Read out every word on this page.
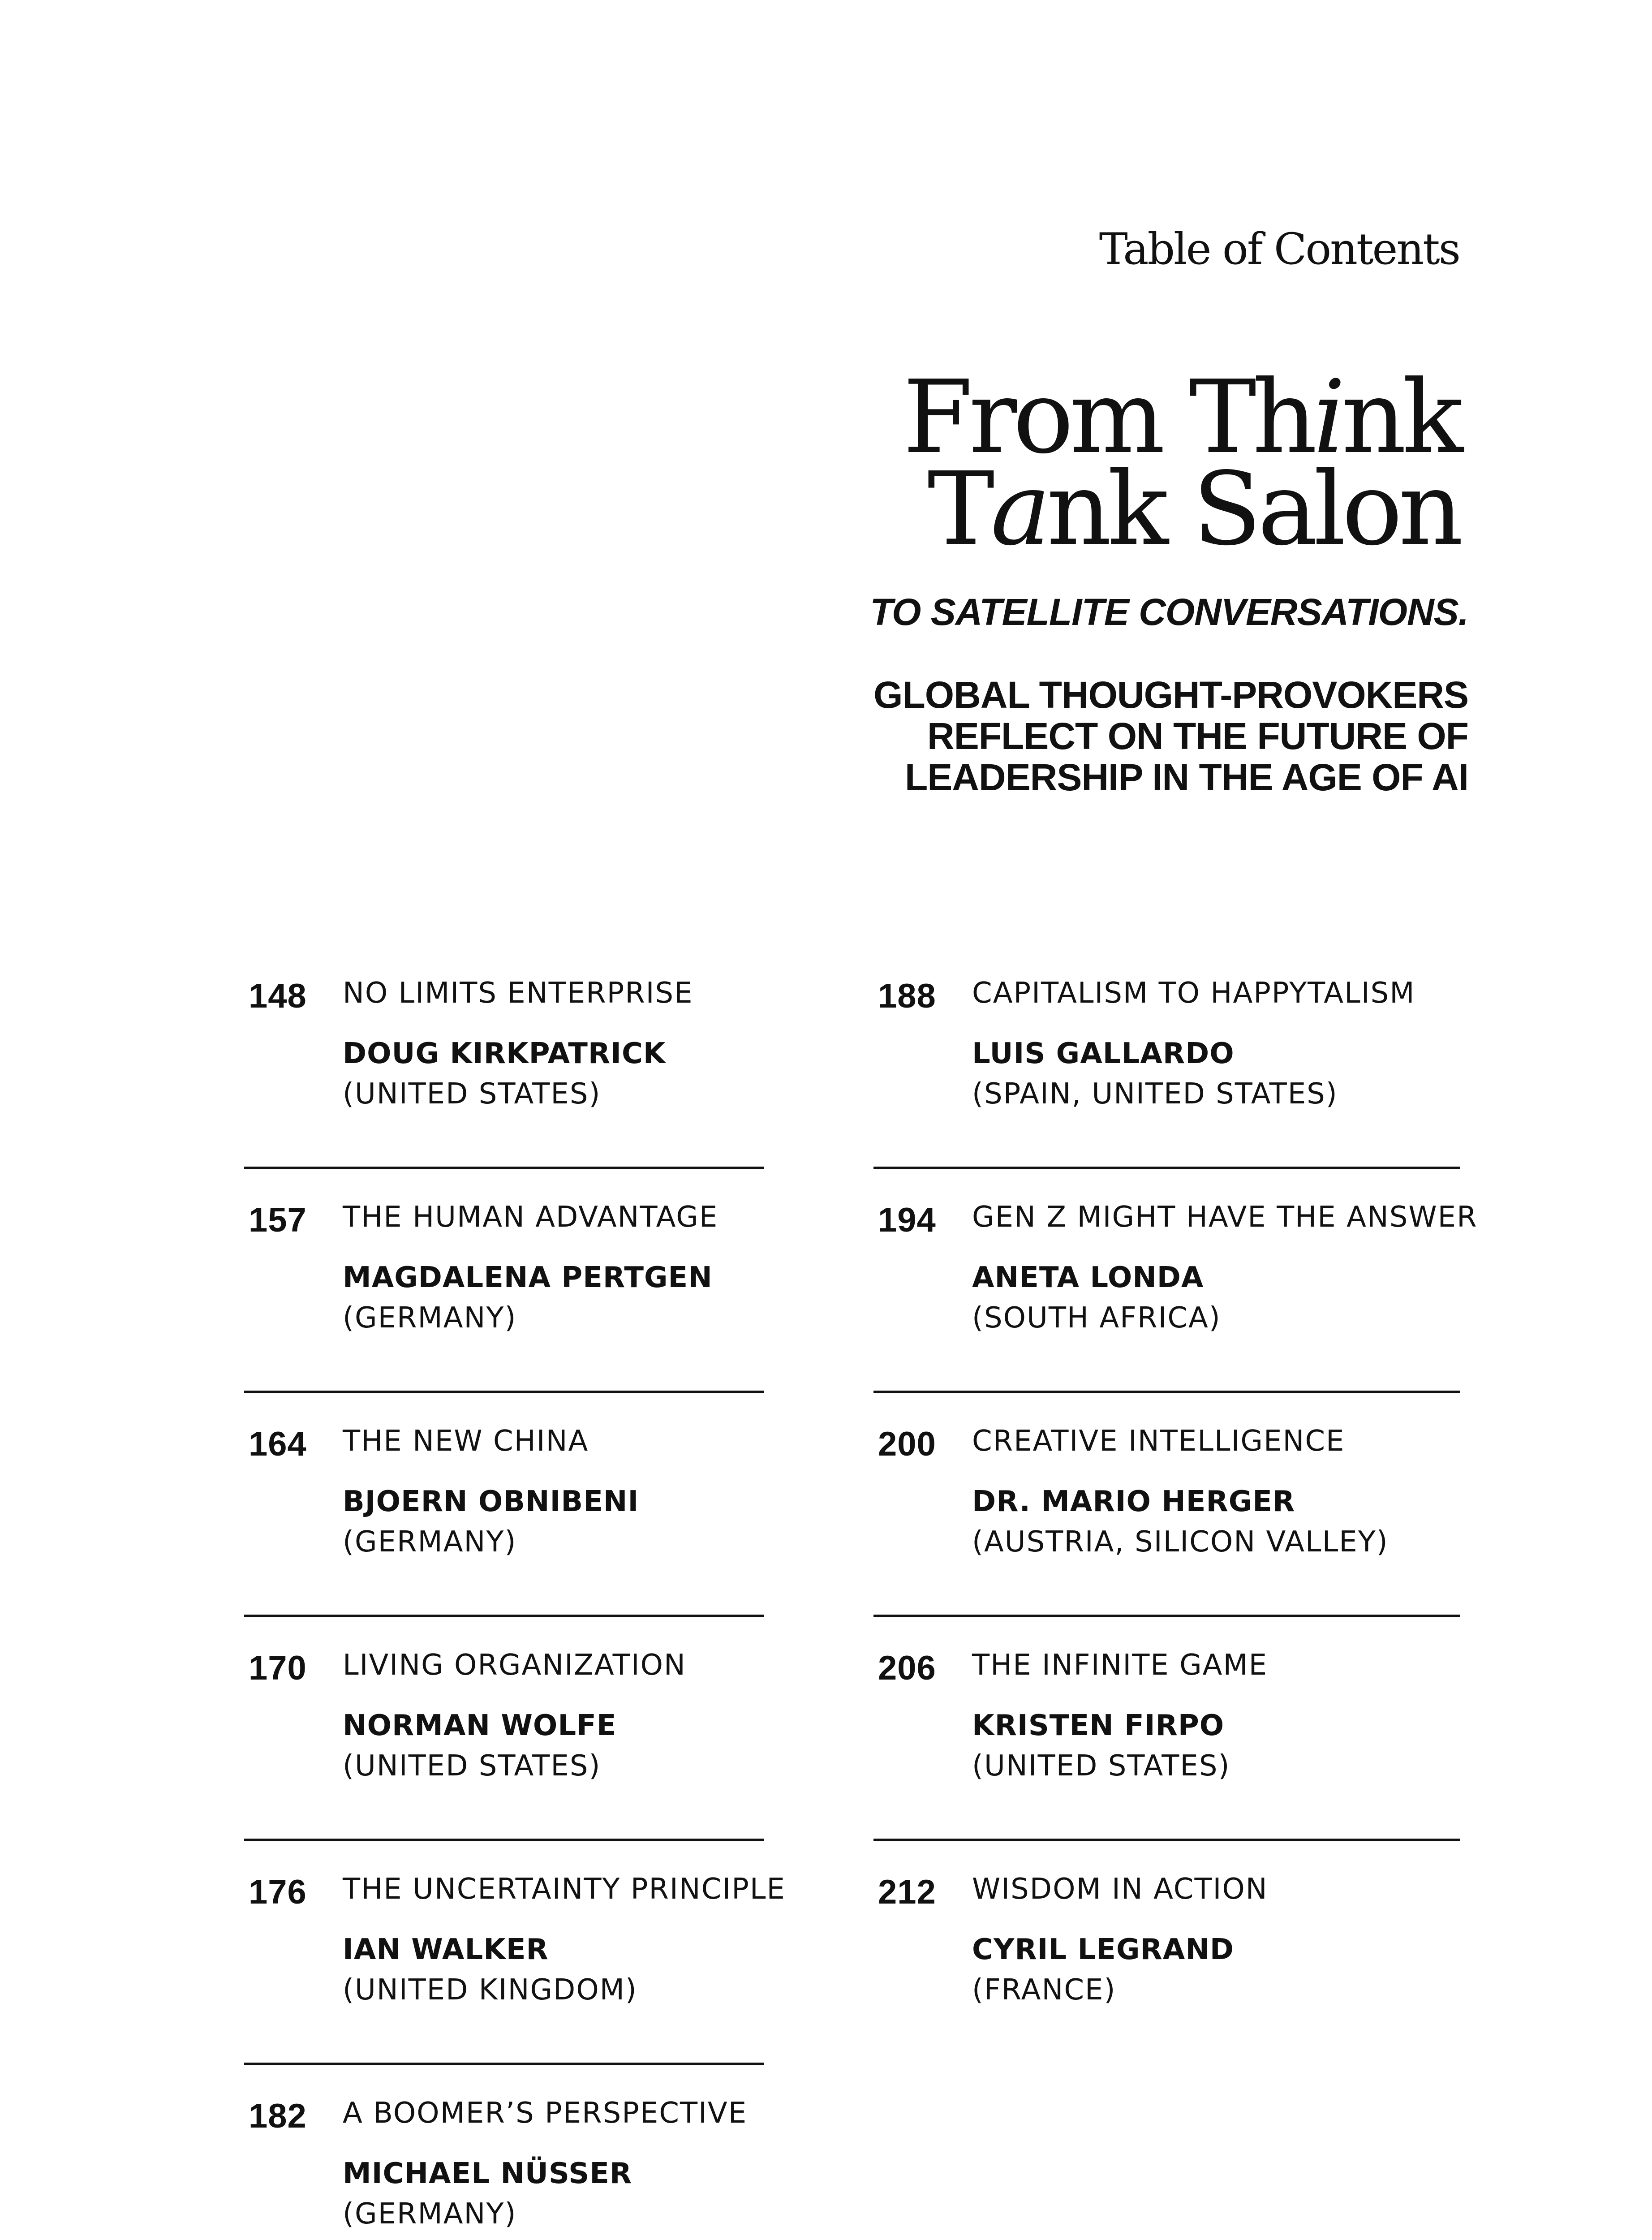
Table of Contents
From Think
Tank Salon

TO SATELLITE CONVERSATIONS.

GLOBAL THOUGHT-PROVOKERS
REFLECT ON THE FUTURE OF
LEADERSHIP IN THE AGE OF AI
148 NO LIMITS ENTERPRISE
DOUG KIRKPATRICK
(UNITED STATES)
157 THE HUMAN ADVANTAGE
MAGDALENA PERTGEN
(GERMANY)
164 THE NEW CHINA
BJOERN OBNIBENI
(GERMANY)
170 LIVING ORGANIZATION
NORMAN WOLFE
(UNITED STATES)
176 THE UNCERTAINTY PRINCIPLE
IAN WALKER
(UNITED KINGDOM)
182 A BOOMER’S PERSPECTIVE
MICHAEL NÜSSER
(GERMANY)
188 CAPITALISM TO HAPPYTALISM
LUIS GALLARDO
(SPAIN, UNITED STATES)
194 GEN Z MIGHT HAVE THE ANSWER
ANETA LONDA
(SOUTH AFRICA)
200 CREATIVE INTELLIGENCE
DR. MARIO HERGER
(AUSTRIA, SILICON VALLEY)
206 THE INFINITE GAME
KRISTEN FIRPO
(UNITED STATES)
212 WISDOM IN ACTION
CYRIL LEGRAND
(FRANCE)
